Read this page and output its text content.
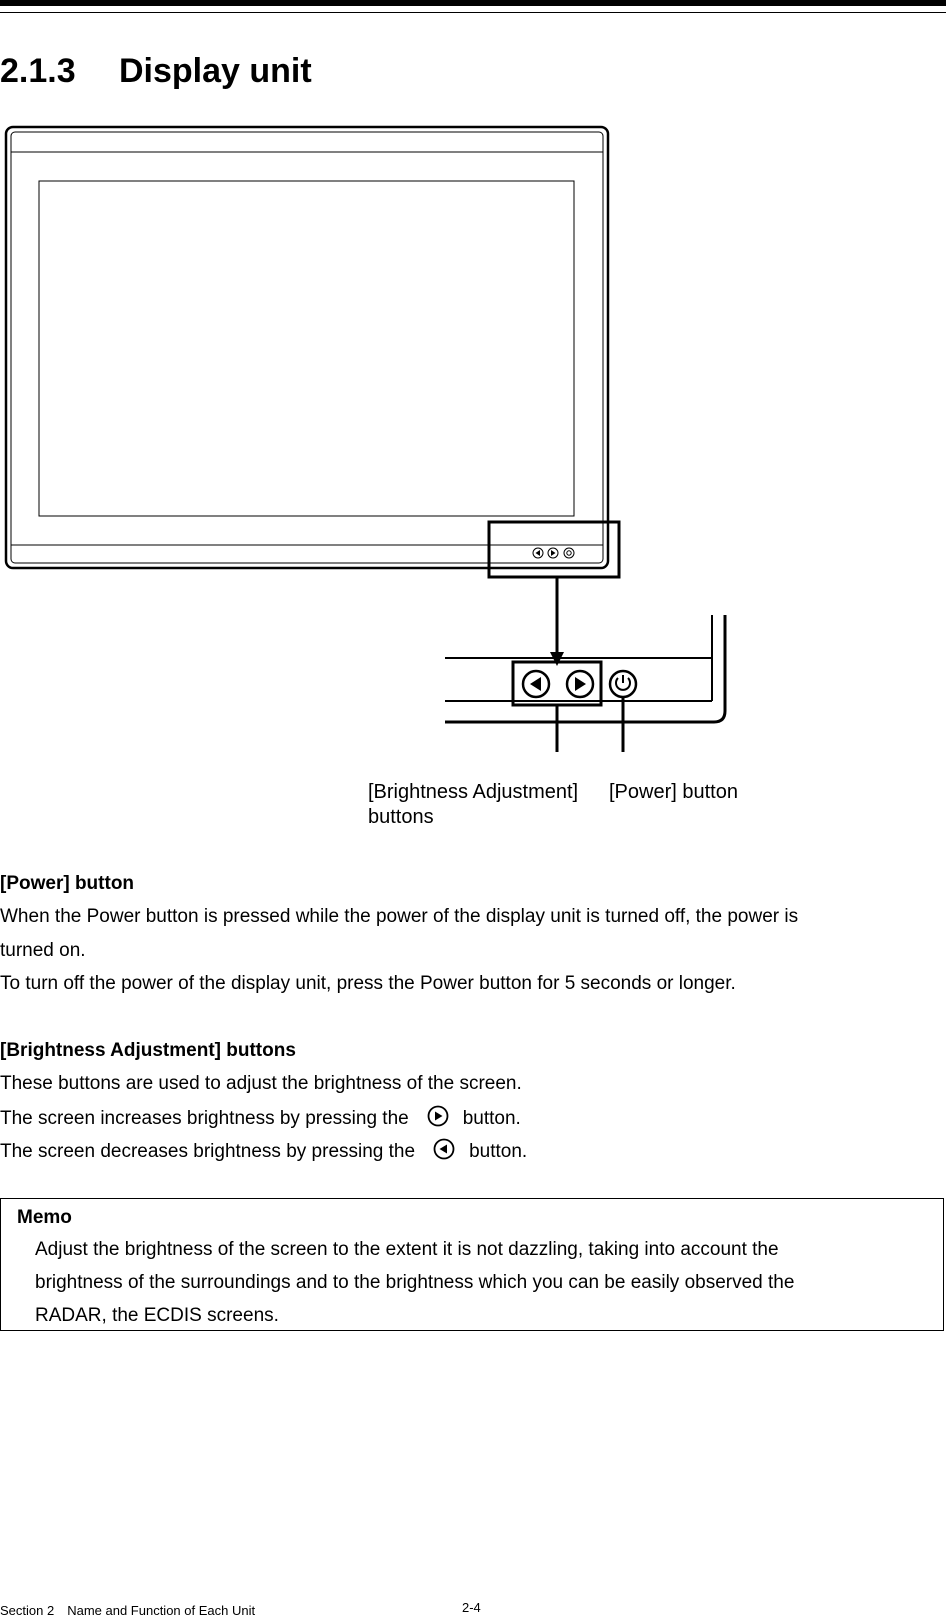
2.1.3 Display unit
[Brightness Adjustment]
buttons
[Power] button
[Power] button
When the Power button is pressed while the power of the display unit is turned off, the power is
turned on.
To turn off the power of the display unit, press the Power button for 5 seconds or longer.
[Brightness Adjustment] buttons
These buttons are used to adjust the brightness of the screen.
The screen increases brightness by pressing the	button.
The screen decreases brightness by pressing the	button.
Memo
Adjust the brightness of the screen to the extent it is not dazzling, taking into account the
brightness of the surroundings and to the brightness which you can be easily observed the
RADAR, the ECDIS screens.
Section 2　Name and Function of Each Unit	2-4
